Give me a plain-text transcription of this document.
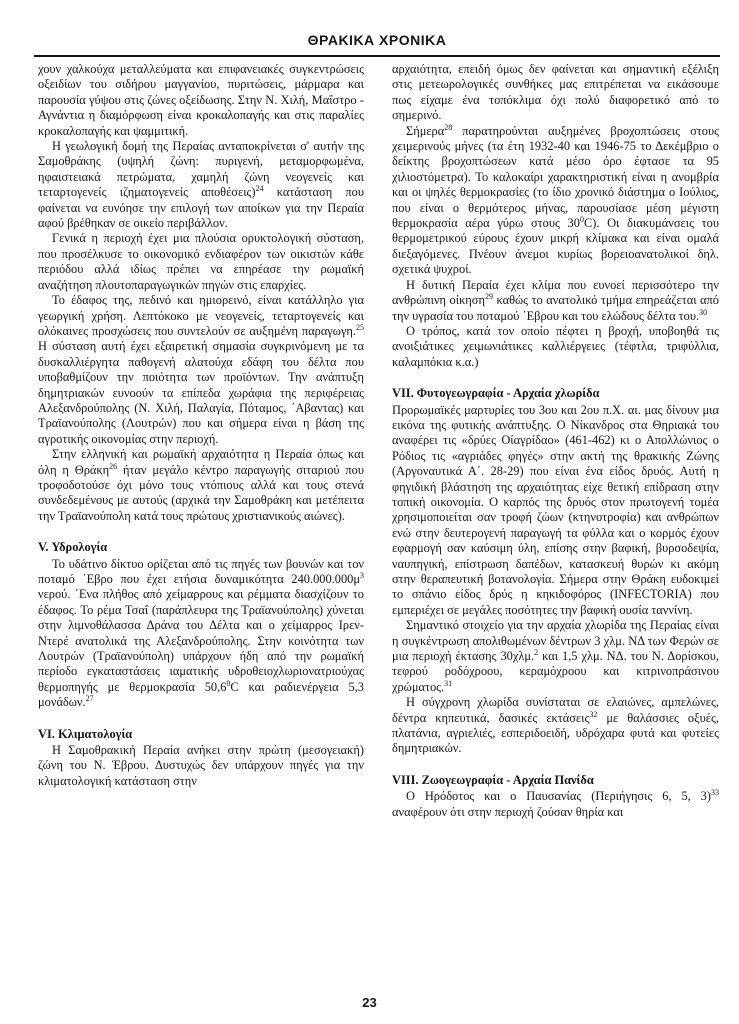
ΘΡΑΚΙΚΑ ΧΡΟΝΙΚΑ

χουν χαλκούχα μεταλλεύματα και επιφανειακές συγκεντρώσεις οξειδίων του σιδήρου μαγγανίου, πυριτώσεις, μάρμαρα και παρουσία γύψου στις ζώνες οξείδωσης. Στην Ν. Χιλή, Μαΐστρο - Αγνάντια η διαμόρφωση είναι κροκαλοπαγής και στις παραλίες κροκαλοπαγής και ψαμμιτική.

Η γεωλογική δομή της Περαίας ανταποκρίνεται σ' αυτήν της Σαμοθράκης (υψηλή ζώνη: πυριγενή, μεταμορφωμένα, ηφαιστειακά πετρώματα, χαμηλή ζώνη νεογενείς και τεταρτογενείς ιζηματογενείς αποθέσεις)$^{24}$ κατάσταση που φαίνεται να ευνόησε την επιλογή των αποίκων για την Περαία αφού βρέθηκαν σε οικείο περιβάλλον.

Γενικά η περιοχή έχει μια πλούσια ορυκτολογική σύσταση, που προσέλκυσε το οικονομικό ενδιαφέρον των οικιστών κάθε περιόδου αλλά ιδίως πρέπει να επηρέασε την ρωμαϊκή αναζήτηση πλουτοπαραγωγικών πηγών στις επαρχίες.

Το έδαφος της, πεδινό και ημιορεινό, είναι κατάλληλο για γεωργική χρήση. Λεπτόκοκο με νεογενείς, τεταρτογενείς και ολόκαινες προσχώσεις που συντελούν σε αυξημένη παραγωγη.$^{25}$ Η σύσταση αυτή έχει εξαιρετική σημασία συγκρινόμενη με τα δυσκαλλιέργητα παθογενή αλατούχα εδάφη του δέλτα που υποβαθμίζουν την ποιότητα των προϊόντων. Την ανάπτυξη δημητριακών ευνοούν τα επίπεδα χωράφια της περιφέρειας Αλεξανδρούπολης (Ν. Χιλή, Παλαγία, Πόταμος, ΄Αβαντας) και Τραϊανούπολης (Λουτρών) που και σήμερα είναι η βάση της αγροτικής οικονομίας στην περιοχή.

Στην ελληνική και ρωμαϊκή αρχαιότητα η Περαία όπως και όλη η Θράκη$^{26}$ ήταν μεγάλο κέντρο παραγωγής σιταριού που τροφοδοτούσε όχι μόνο τους ντόπιους αλλά και τους στενά συνδεδεμένους με αυτούς (αρχικά την Σαμοθράκη και μετέπειτα την Τραϊανούπολη κατά τους πρώτους χριστιανικούς αιώνες).

V. Υδρολογία

Το υδάτινο δίκτυο ορίζεται από τις πηγές των βουνών και τον ποταμό ΄Εβρο που έχει ετήσια δυναμικότητα $240.000.000\mu^3$ νερού. ΄Ενα πλήθος από χείμαρρους και ρέμματα διασχίζουν το έδαφος. Το ρέμα Τσαΐ (παράπλευρα της Τραϊανούπολης) χύνεται στην λιμνοθάλασσα Δράνα του Δέλτα και ο χείμαρρος Ιρεν-Ντερέ ανατολικά της Αλεξανδρούπολης. Στην κοινότητα των Λουτρών (Τραϊανούπολη) υπάρχουν ήδη από την ρωμαϊκή περίοδο εγκαταστάσεις ιαματικής υδροθειοχλωριονατριούχας θερμοπηγής με θερμοκρασία 50,6$^0$C και ραδιενέργεια 5,3 μονάδων.$^{27}$

VI. Κλιματολογία

Η Σαμοθρακική Περαία ανήκει στην πρώτη (μεσογειακή) ζώνη του Ν. Έβρου. Δυστυχώς δεν υπάρχουν πηγές για την κλιματολογική κατάσταση στην

αρχαιότητα, επειδή όμως δεν φαίνεται και σημαντική εξέλιξη στις μετεωρολογικές συνθήκες μας επιτρέπεται να εικάσουμε πως είχαμε ένα τοπόκλιμα όχι πολύ διαφορετικό από το σημερινό.

Σήμερα$^{28}$ παρατηρούνται αυξημένες βροχοπτώσεις στους χειμερινούς μήνες (τα έτη 1932-40 και 1946-75 το Δεκέμβριο ο δείκτης βροχοπτώσεων κατά μέσο όρο έφτασε τα 95 χιλιοστόμετρα). Το καλοκαίρι χαρακτηριστική είναι η ανομβρία και οι ψηλές θερμοκρασίες (το ίδιο χρονικό διάστημα ο Ιούλιος, που είναι ο θερμότερος μήνας, παρουσίασε μέση μέγιστη θερμοκρασία αέρα γύρω στους $30^0C$). Οι διακυμάνσεις του θερμομετρικού εύρους έχουν μικρή κλίμακα και είναι ομαλά διεξαγόμενες. Πνέουν άνεμοι κυρίως βορειοανατολικοί δηλ. σχετικά ψυχροί.

Η δυτική Περαία έχει κλίμα που ευνοεί περισσότερο την ανθρώπινη οίκηση$^{29}$ καθώς το ανατολικό τμήμα επηρεάζεται από την υγρασία του ποταμού ΄Εβρου και του ελώδους δέλτα του.$^{30}$

Ο τρόπος, κατά τον οποίο πέφτει η βροχή, υποβοηθά τις ανοιξιάτικες χειμωνιάτικες καλλιέργειες (τέφτλα, τριφύλλια, καλαμπόκια κ.α.)

VII. Φυτογεωγραφία - Αρχαία χλωρίδα

Προρωμαϊκές μαρτυρίες του 3ου και 2ου π.Χ. αι. μας δίνουν μια εικόνα της φυτικής ανάπτυξης. Ο Νίκανδρος στα Θηριακά του αναφέρει τις «δρύες Οίαγρίδαο» (461-462) κι ο Απολλώνιος ο Ρόδιος τις «αγριάδες φηγές» στην ακτή της θρακικής Ζώνης (Αργοναυτικά Α΄. 28-29) που είναι ένα είδος δρυός. Αυτή η φηγιδική βλάστηση της αρχαιότητας είχε θετική επίδραση στην τοπική οικονομία. Ο καρπός της δρυός στον πρωτογενή τομέα χρησιμοποιείται σαν τροφή ζώων (κτηνοτροφία) και ανθρώπων ενώ στην δευτερογενή παραγωγή τα φύλλα και ο κορμός έχουν εφαρμογή σαν καύσιμη ύλη, επίσης στην βαφική, βυρσοδεψία, ναυπηγική, επίστρωση δαπέδων, κατασκευή θυρών κι ακόμη στην θεραπευτική βοτανολογία. Σήμερα στην Θράκη ευδοκιμεί το σπάνιο είδος δρύς η κηκιδοφόρος (INFECTORIA) που εμπεριέχει σε μεγάλες ποσότητες την βαφική ουσία ταννίνη.

Σημαντικό στοιχείο για την αρχαία χλωρίδα της Περαίας είναι η συγκέντρωση απολιθωμένων δέντρων 3 χλμ. ΝΔ των Φερών σε μια περιοχή έκτασης 30χλμ.$^2$ και 1,5 χλμ. ΝΔ. του Ν. Δορίσκου, τεφρού ροδόχροου, κεραμόχροου και κιτρινοπράσινου χρώματος.$^{31}$

Η σύγχρονη χλωρίδα συνίσταται σε ελαιώνες, αμπελώνες, δέντρα κηπευτικά, δασικές εκτάσεις$^{32}$ με θαλάσσιες οξυές, πλατάνια, αγριελιές, εσπεριδοειδή, υδρόχαρα φυτά και φυτείες δημητριακών.

VIII. Ζωογεωγραφία - Αρχαία Πανίδα

Ο Ηρόδοτος και ο Παυσανίας (Περιήγησις 6, 5, 3)$^{33}$ αναφέρουν ότι στην περιοχή ζούσαν θηρία και

23
